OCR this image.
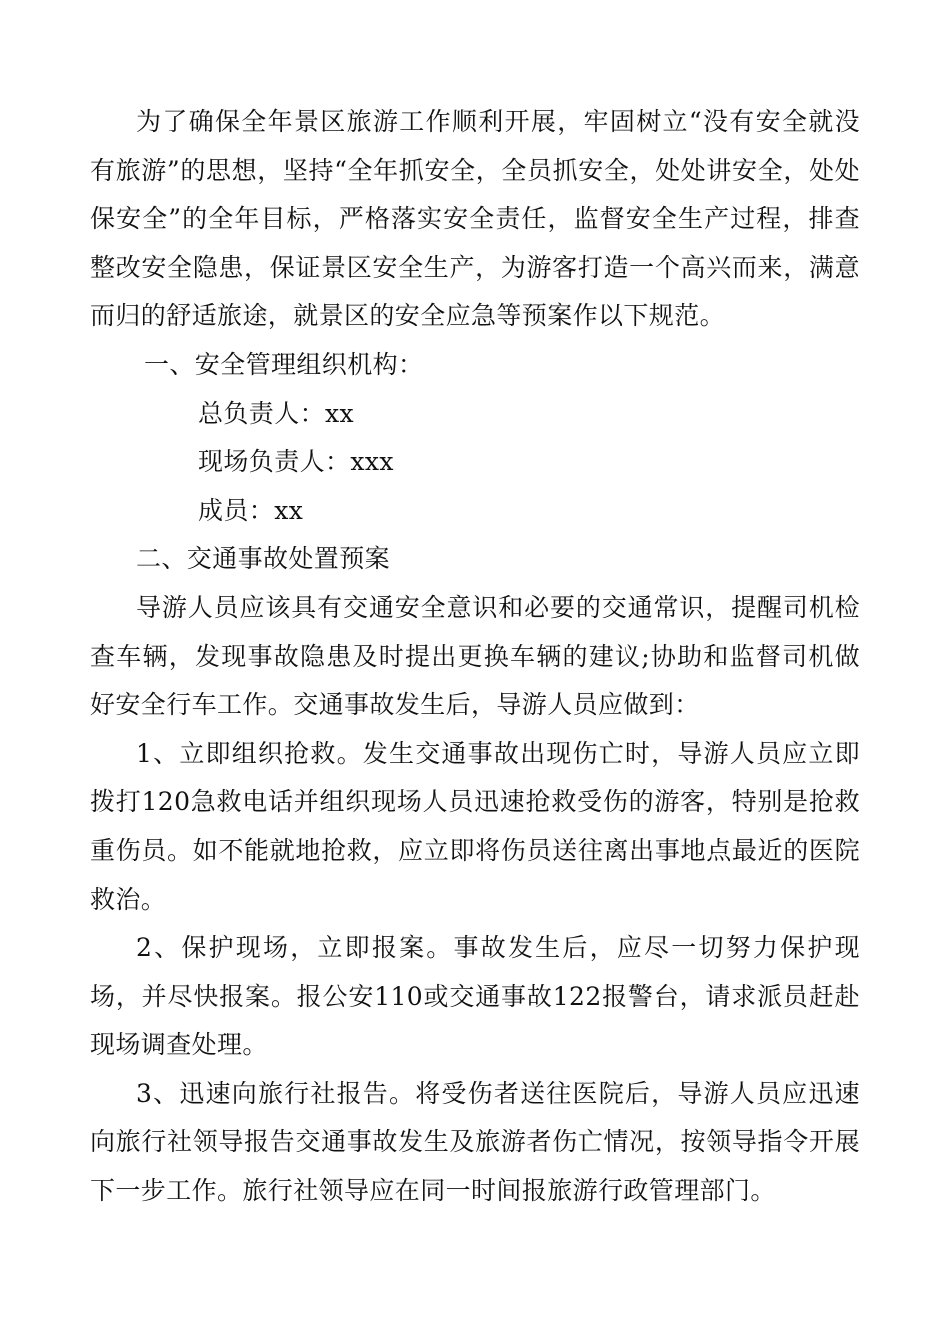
为了确保全年景区旅游工作顺利开展，牢固树立“没有安全就没有旅游”的思想，坚持“全年抓安全，全员抓安全，处处讲安全，处处保安全”的全年目标，严格落实安全责任，监督安全生产过程，排查整改安全隐患，保证景区安全生产，为游客打造一个高兴而来，满意而归的舒适旅途，就景区的安全应急等预案作以下规范。

一、安全管理组织机构：

总负责人：xx

现场负责人：xxx

成员：xx

二、交通事故处置预案

导游人员应该具有交通安全意识和必要的交通常识，提醒司机检查车辆，发现事故隐患及时提出更换车辆的建议;协助和监督司机做好安全行车工作。交通事故发生后，导游人员应做到：

1、立即组织抢救。发生交通事故出现伤亡时，导游人员应立即拨打120急救电话并组织现场人员迅速抢救受伤的游客，特别是抢救重伤员。如不能就地抢救，应立即将伤员送往离出事地点最近的医院救治。

2、保护现场，立即报案。事故发生后，应尽一切努力保护现场，并尽快报案。报公安110或交通事故122报警台，请求派员赶赴现场调查处理。

3、迅速向旅行社报告。将受伤者送往医院后，导游人员应迅速向旅行社领导报告交通事故发生及旅游者伤亡情况，按领导指令开展下一步工作。旅行社领导应在同一时间报旅游行政管理部门。
